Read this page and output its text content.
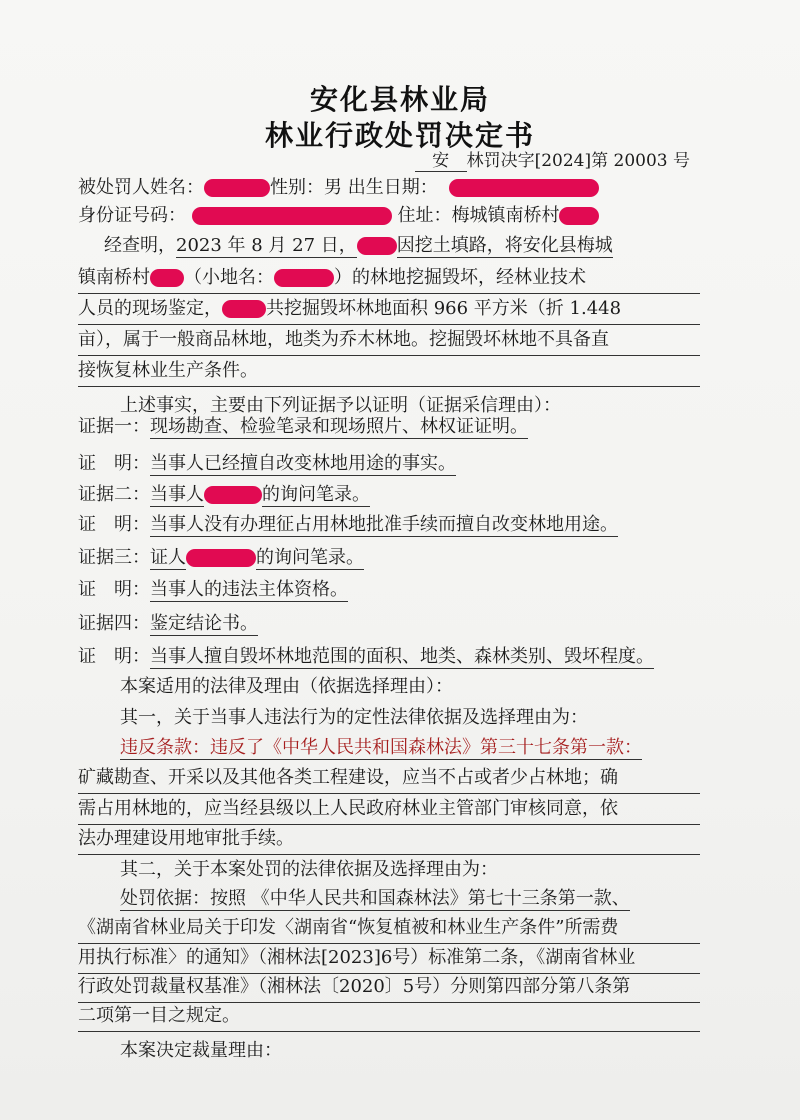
安化县林业局
林业行政处罚决定书
安 林罚决字[2024]第 20003 号
被处罚人姓名：	性别：男 出生日期：
身份证号码：	住址：梅城镇南桥村
经查明，2023 年 8 月 27 日， 因挖土填路，将安化县梅城
镇南桥村 （小地名：	）的林地挖掘毁坏，经林业技术
人员的现场鉴定， 共挖掘毁坏林地面积 966 平方米（折 1.448
亩），属于一般商品林地，地类为乔木林地。挖掘毁坏林地不具备直
接恢复林业生产条件。
上述事实，主要由下列证据予以证明（证据采信理由）：
证据一：现场勘查、检验笔录和现场照片、林权证证明。
证　明：当事人已经擅自改变林地用途的事实。
证据二：当事人	的询问笔录。
证　明：当事人没有办理征占用林地批准手续而擅自改变林地用途。
证据三：证人	的询问笔录。
证　明：当事人的违法主体资格。
证据四：鉴定结论书。
证　明：当事人擅自毁坏林地范围的面积、地类、森林类别、毁坏程度。
本案适用的法律及理由（依据选择理由）：
其一，关于当事人违法行为的定性法律依据及选择理由为：
违反条款：违反了《中华人民共和国森林法》第三十七条第一款：
矿藏勘查、开采以及其他各类工程建设，应当不占或者少占林地；确
需占用林地的，应当经县级以上人民政府林业主管部门审核同意，依
法办理建设用地审批手续。
其二，关于本案处罚的法律依据及选择理由为：
处罚依据：按照 《中华人民共和国森林法》第七十三条第一款、
《湖南省林业局关于印发〈湖南省“恢复植被和林业生产条件”所需费
用执行标准〉的通知》（湘林法[2023]6号）标准第二条，《湖南省林业
行政处罚裁量权基准》（湘林法〔2020〕5号）分则第四部分第八条第
二项第一目之规定。
本案决定裁量理由：
